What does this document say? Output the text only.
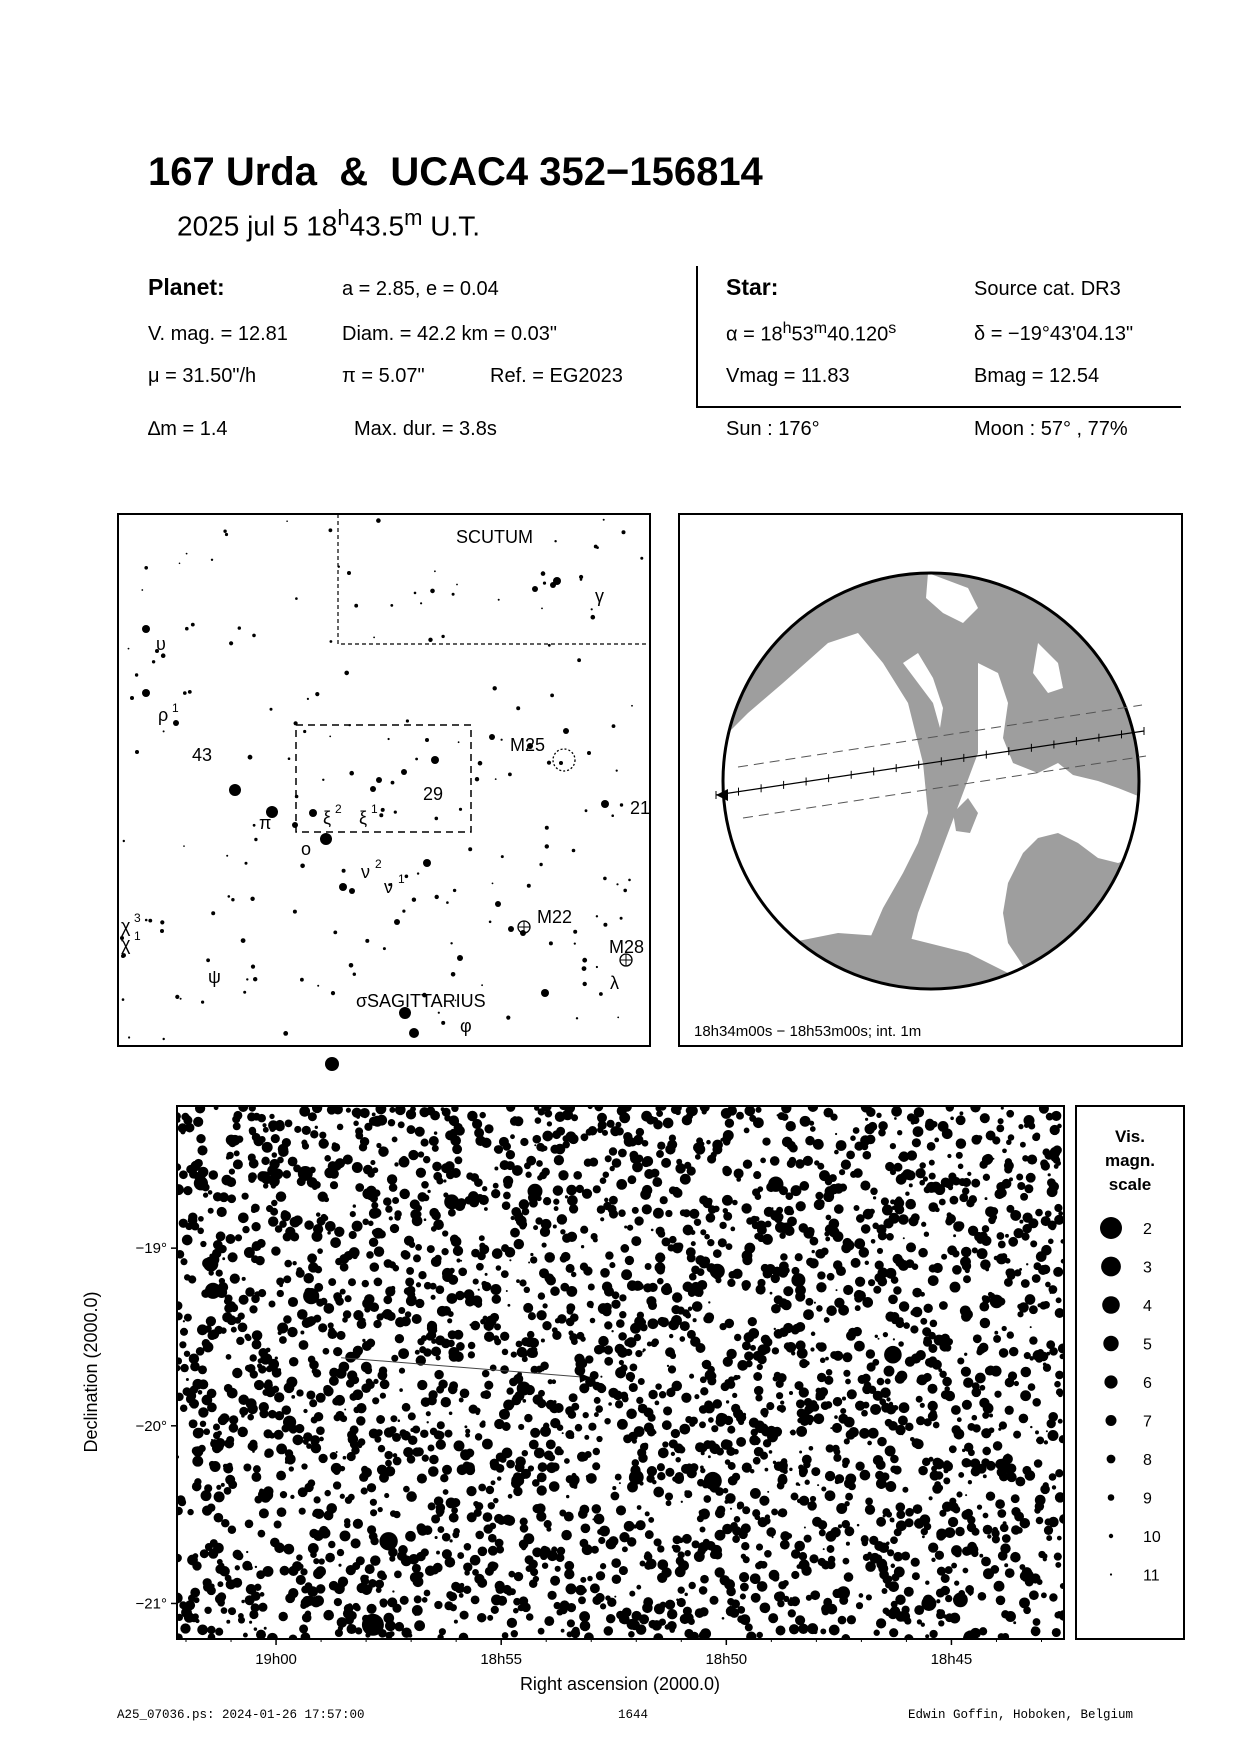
167 Urda  &  UCAC4 352−156814
2025 jul 5 18$^h$43.5$^m$ U.T.
Planet:	a = 2.85, e = 0.04
V. mag. = 12.81	Diam. = 42.2 km = 0.03"
μ = 31.50"/h	π = 5.07"	Ref. = EG2023
∆m = 1.4	Max. dur. = 3.8s
Star:	Source cat. DR3
$\alpha = 18^h53^m40.120^s$	δ = −19°43'04.13"
Vmag = 11.83	Bmag = 12.54
Sun : 176°	Moon : 57° , 77%
SCUTUM
SAGITTARIUS
υ
ρ 1
43	M25
29
ξ 2 ξ 1	21
π
o
ν 2
ν 1
χ 3
χ 1
M22
M28
ψ	λ
σ
φ
γ
18h34m00s − 18h53m00s; int. 1m
19h00	18h55	18h50	18h45
−19°
−20°
−21°
Right ascension (2000.0)
Declination (2000.0)
Vis.
magn.
scale
2
3
4
5
6
7
8
9
10
11
A25_07036.ps: 2024-01-26 17:57:00	1644	Edwin Goffin, Hoboken, Belgium
